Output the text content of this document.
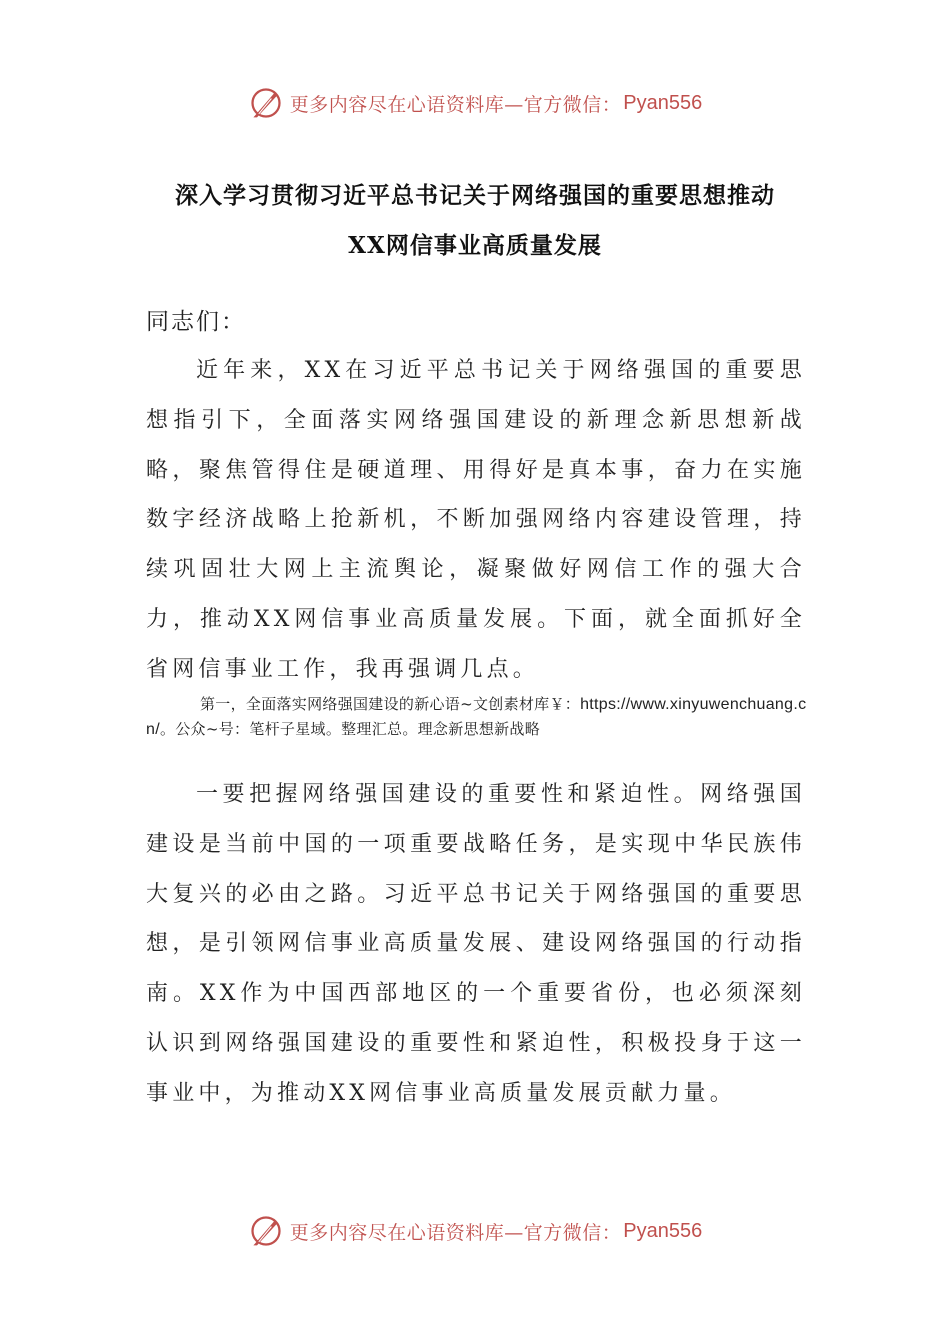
更多内容尽在心语资料库—官方微信： Pyan556
深入学习贯彻习近平总书记关于网络强国的重要思想推动
XX网信事业高质量发展
同志们：

近年来，XX在习近平总书记关于网络强国的重要思想指引下，全面落实网络强国建设的新理念新思想新战略，聚焦管得住是硬道理、用得好是真本事，奋力在实施数字经济战略上抢新机，不断加强网络内容建设管理，持续巩固壮大网上主流舆论，凝聚做好网信工作的强大合力，推动XX网信事业高质量发展。下面，就全面抓好全省网信事业工作，我再强调几点。

第一，全面落实网络强国建设的新心语~文创素材库￥：https://www.xinyuwenchuang.cn/。公众~号：笔杆子星域。整理汇总。理念新思想新战略

一要把握网络强国建设的重要性和紧迫性。网络强国建设是当前中国的一项重要战略任务，是实现中华民族伟大复兴的必由之路。习近平总书记关于网络强国的重要思想，是引领网信事业高质量发展、建设网络强国的行动指南。XX作为中国西部地区的一个重要省份，也必须深刻认识到网络强国建设的重要性和紧迫性，积极投身于这一事业中，为推动XX网信事业高质量发展贡献力量。

更多内容尽在心语资料库—官方微信： Pyan556
